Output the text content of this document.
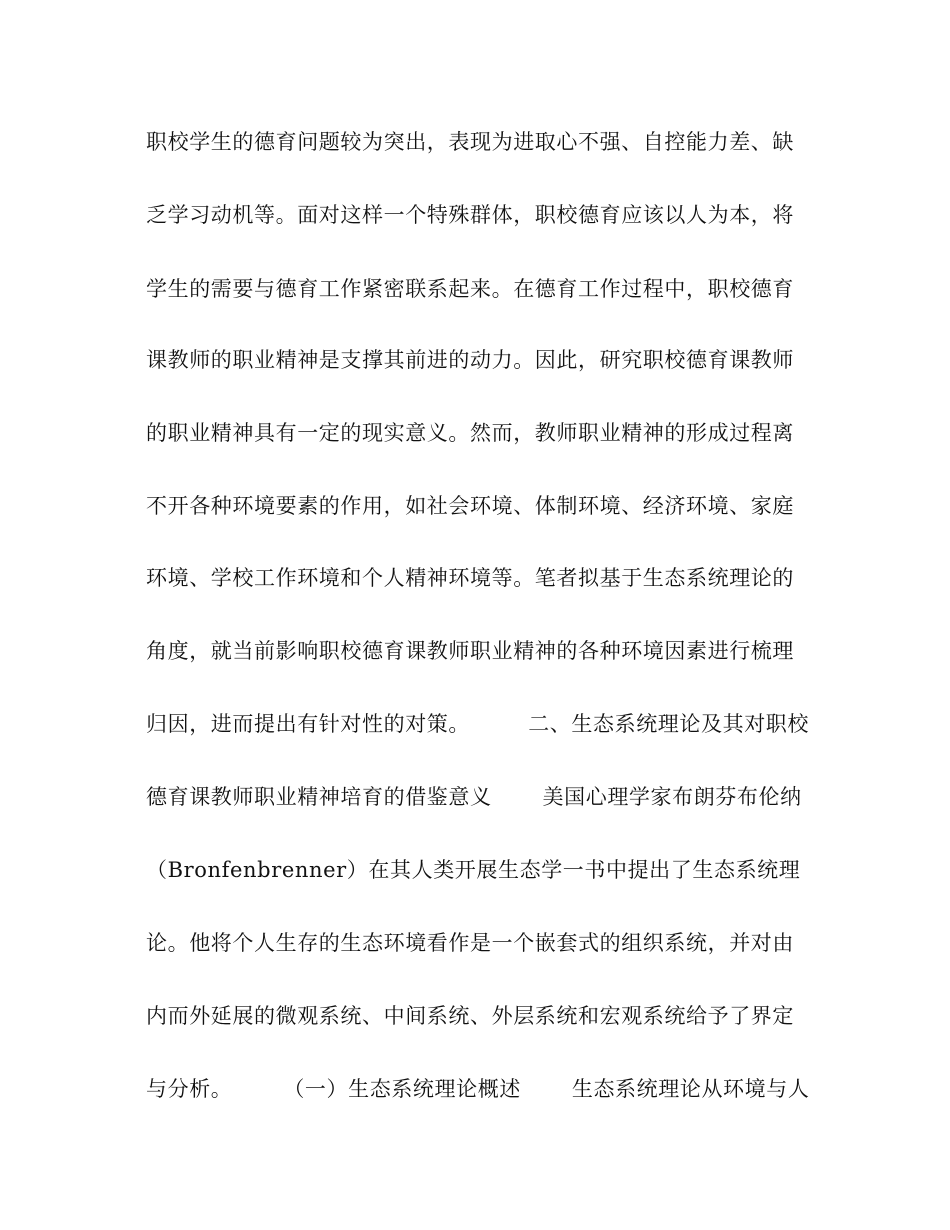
职校学生的德育问题较为突出，表现为进取心不强、自控能力差、缺
乏学习动机等。面对这样一个特殊群体，职校德育应该以人为本，将
学生的需要与德育工作紧密联系起来。在德育工作过程中，职校德育
课教师的职业精神是支撑其前进的动力。因此，研究职校德育课教师
的职业精神具有一定的现实意义。然而，教师职业精神的形成过程离
不开各种环境要素的作用，如社会环境、体制环境、经济环境、家庭
环境、学校工作环境和个人精神环境等。笔者拟基于生态系统理论的
角度，就当前影响职校德育课教师职业精神的各种环境因素进行梳理
归因，进而提出有针对性的对策。        二、生态系统理论及其对职校
德育课教师职业精神培育的借鉴意义       美国心理学家布朗芬布伦纳
（Bronfenbrenner）在其人类开展生态学一书中提出了生态系统理
论。他将个人生存的生态环境看作是一个嵌套式的组织系统，并对由
内而外延展的微观系统、中间系统、外层系统和宏观系统给予了界定
与分析。       （一）生态系统理论概述       生态系统理论从环境与人
